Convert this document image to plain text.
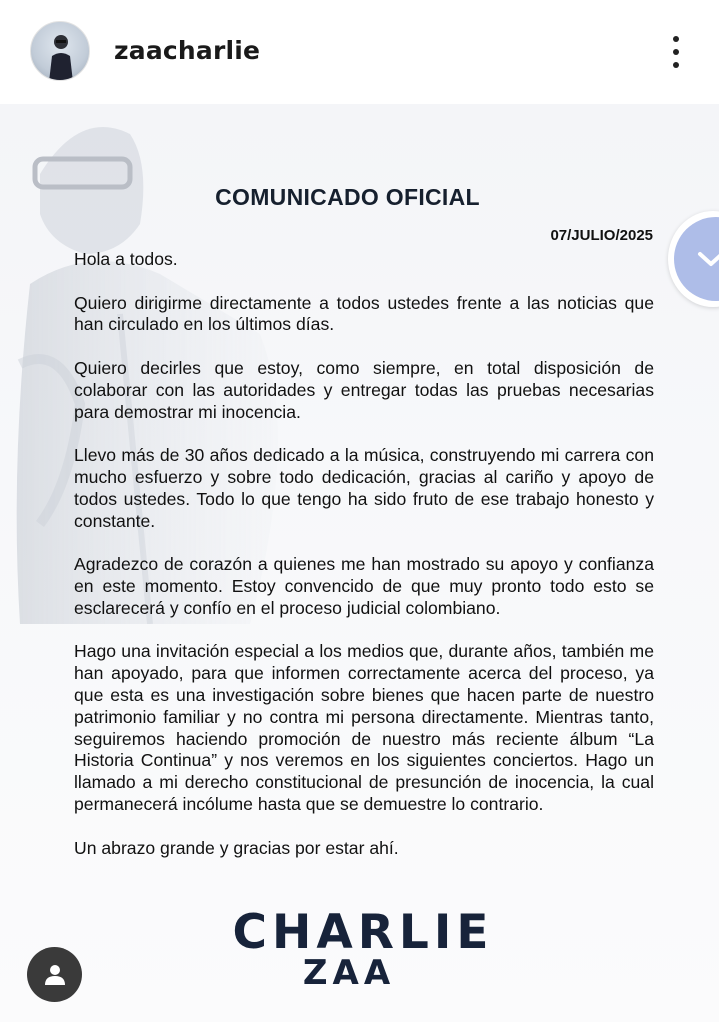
zaacharlie
COMUNICADO OFICIAL
07/JULIO/2025

Hola a todos.

Quiero dirigirme directamente a todos ustedes frente a las noticias que han circulado en los últimos días.

Quiero decirles que estoy, como siempre, en total disposición de colaborar con las autoridades y entregar todas las pruebas necesarias para demostrar mi inocencia.

Llevo más de 30 años dedicado a la música, construyendo mi carrera con mucho esfuerzo y sobre todo dedicación, gracias al cariño y apoyo de todos ustedes. Todo lo que tengo ha sido fruto de ese trabajo honesto y constante.

Agradezco de corazón a quienes me han mostrado su apoyo y confianza en este momento. Estoy convencido de que muy pronto todo esto se esclarecerá y confío en el proceso judicial colombiano.

Hago una invitación especial a los medios que, durante años, también me han apoyado, para que informen correctamente acerca del proceso, ya que esta es una investigación sobre bienes que hacen parte de nuestro patrimonio familiar y no contra mi persona directamente. Mientras tanto, seguiremos haciendo promoción de nuestro más reciente álbum “La Historia Continua” y nos veremos en los siguientes conciertos. Hago un llamado a mi derecho constitucional de presunción de inocencia, la cual permanecerá incólume hasta que se demuestre lo contrario.

Un abrazo grande y gracias por estar ahí.

CHARLIE
ZAA
